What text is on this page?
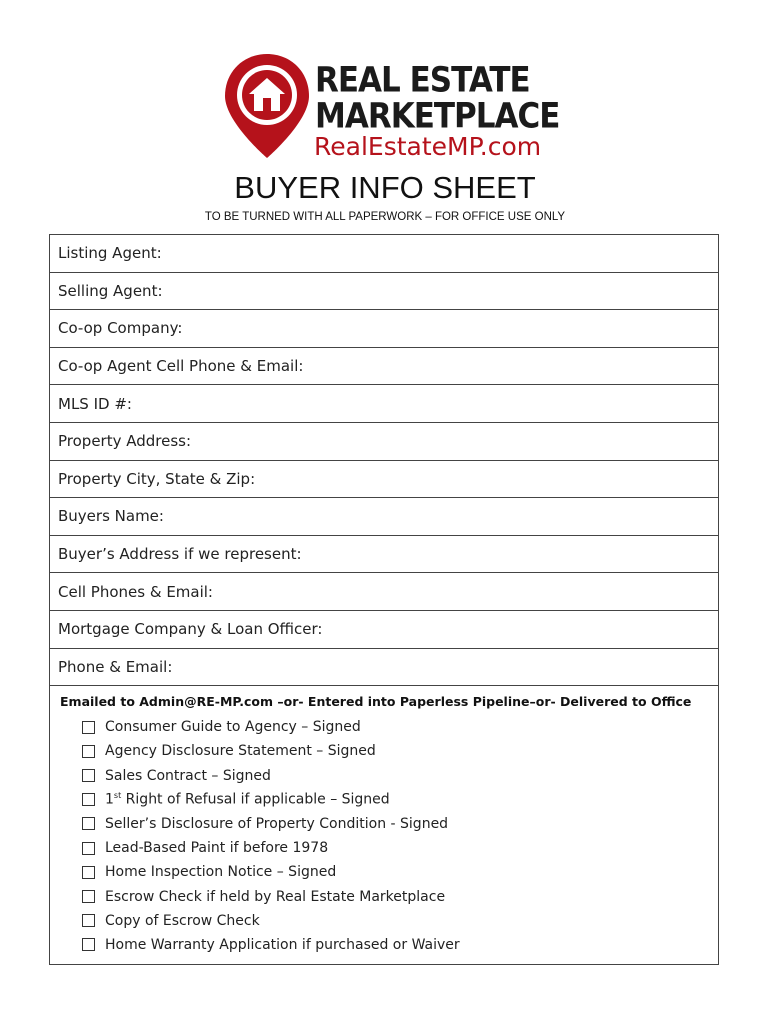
REAL ESTATE
MARKETPLACE
RealEstateMP.com
BUYER INFO SHEET
TO BE TURNED WITH ALL PAPERWORK – FOR OFFICE USE ONLY
Listing Agent:
Selling Agent:
Co-op Company:
Co-op Agent Cell Phone & Email:
MLS ID #:
Property Address:
Property City, State & Zip:
Buyers Name:
Buyer’s Address if we represent:
Cell Phones & Email:
Mortgage Company & Loan Officer:
Phone & Email:
Emailed to Admin@RE-MP.com –or- Entered into Paperless Pipeline–or- Delivered to Office
Consumer Guide to Agency – Signed
Agency Disclosure Statement – Signed
Sales Contract – Signed
1st Right of Refusal if applicable – Signed
Seller’s Disclosure of Property Condition - Signed
Lead-Based Paint if before 1978
Home Inspection Notice – Signed
Escrow Check if held by Real Estate Marketplace
Copy of Escrow Check
Home Warranty Application if purchased or Waiver
